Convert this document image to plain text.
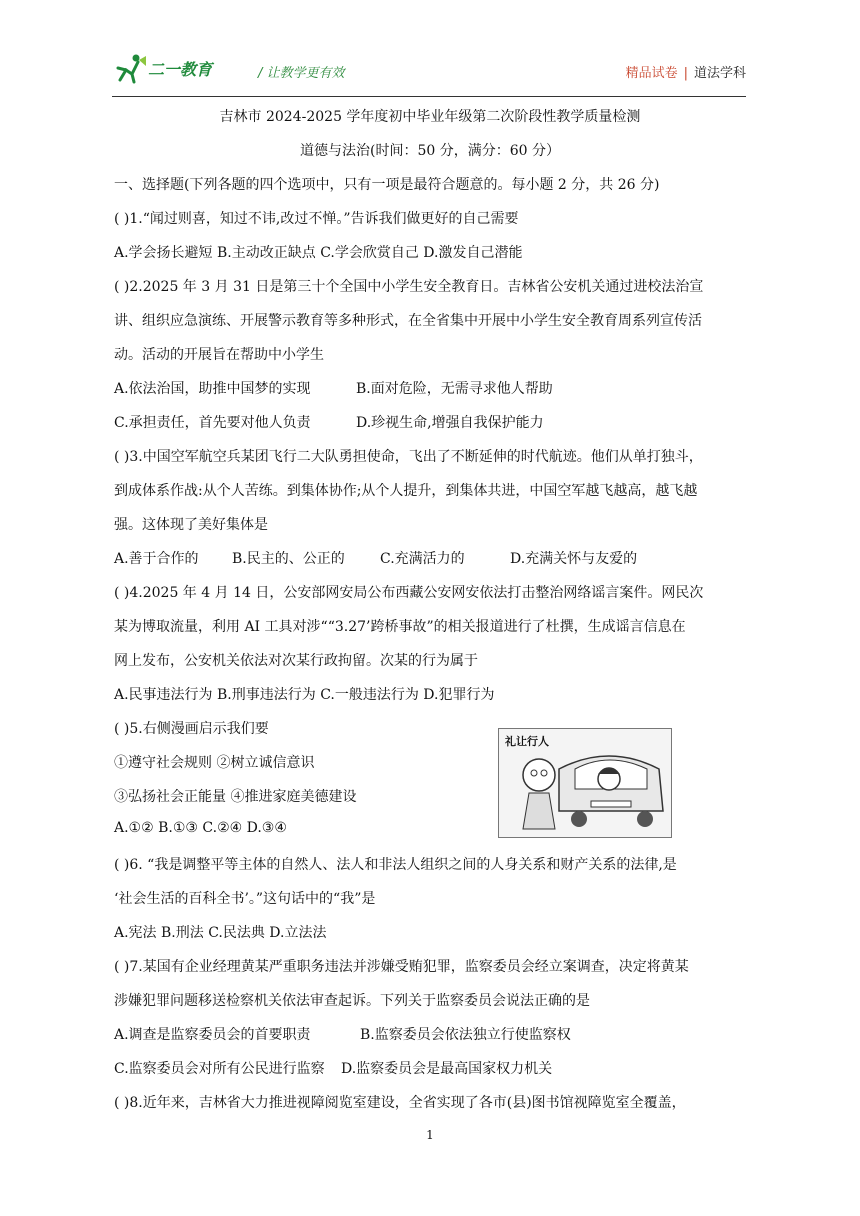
二一教育	/ 让教学更有效	精品试卷 | 道法学科
吉林市 2024-2025 学年度初中毕业年级第二次阶段性教学质量检测
道德与法治(时间：50 分，满分：60 分）
一、选择题(下列各题的四个选项中，只有一项是最符合题意的。每小题 2 分，共 26 分)
( )1.“闻过则喜，知过不讳,改过不惮。”告诉我们做更好的自己需要
A.学会扬长避短 B.主动改正缺点 C.学会欣赏自己 D.激发自己潜能
( )2.2025 年 3 月 31 日是第三十个全国中小学生安全教育日。吉林省公安机关通过进校法治宣
讲、组织应急演练、开展警示教育等多种形式，在全省集中开展中小学生安全教育周系列宣传活
动。活动的开展旨在帮助中小学生
A.依法治国，助推中国梦的实现	B.面对危险，无需寻求他人帮助
C.承担责任，首先要对他人负责	D.珍视生命,增强自我保护能力
( )3.中国空军航空兵某团飞行二大队勇担使命，飞出了不断延伸的时代航迹。他们从单打独斗，
到成体系作战:从个人苦练。到集体协作;从个人提升，到集体共进，中国空军越飞越高，越飞越
强。这体现了美好集体是
A.善于合作的 B.民主的、公正的	C.充满活力的	D.充满关怀与友爱的
( )4.2025 年 4 月 14 日，公安部网安局公布西藏公安网安依法打击整治网络谣言案件。网民次
某为博取流量，利用 AI 工具对涉““3.27’跨桥事故”的相关报道进行了杜撰，生成谣言信息在
网上发布，公安机关依法对次某行政拘留。次某的行为属于
A.民事违法行为 B.刑事违法行为 C.一般违法行为 D.犯罪行为
( )5.右侧漫画启示我们要
①遵守社会规则 ②树立诚信意识
③弘扬社会正能量 ④推进家庭美德建设
A.①② B.①③ C.②④ D.③④
礼让行人
( )6. “我是调整平等主体的自然人、法人和非法人组织之间的人身关系和财产关系的法律,是
‘社会生活的百科全书’。”这句话中的“我”是
A.宪法 B.刑法 C.民法典 D.立法法
( )7.某国有企业经理黄某严重职务违法并涉嫌受贿犯罪，监察委员会经立案调查，决定将黄某
涉嫌犯罪问题移送检察机关依法审查起诉。下列关于监察委员会说法正确的是
A.调查是监察委员会的首要职责	B.监察委员会依法独立行使监察权
C.监察委员会对所有公民进行监察 D.监察委员会是最高国家权力机关
( )8.近年来，吉林省大力推进视障阅览室建设，全省实现了各市(县)图书馆视障览室全覆盖，
1
